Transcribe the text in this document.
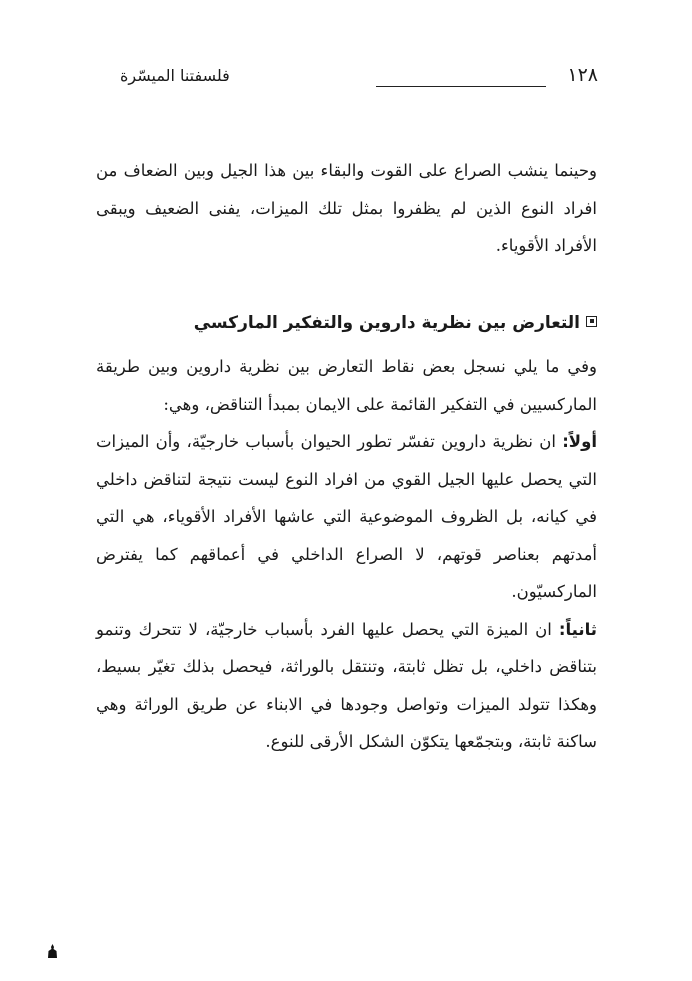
١٢٨
فلسفتنا الميسّرة

وحينما ينشب الصراع على القوت والبقاء بين هذا الجيل وبين الضعاف من افراد النوع الذين لم يظفروا بمثل تلك الميزات، يفنى الضعيف ويبقى الأفراد الأقوياء.

التعارض بين نظرية داروين والتفكير الماركسي

وفي ما يلي نسجل بعض نقاط التعارض بين نظرية داروين وبين طريقة الماركسيين في التفكير القائمة على الايمان بمبدأ التناقض، وهي:

أولاً: ان نظرية داروين تفسّر تطور الحيوان بأسباب خارجيّة، وأن الميزات التي يحصل عليها الجيل القوي من افراد النوع ليست نتيجة لتناقض داخلي في كيانه، بل الظروف الموضوعية التي عاشها الأفراد الأقوياء، هي التي أمدتهم بعناصر قوتهم، لا الصراع الداخلي في أعماقهم كما يفترض الماركسيّون.

ثانياً: ان الميزة التي يحصل عليها الفرد بأسباب خارجيّة، لا تتحرك وتنمو بتناقض داخلي، بل تظل ثابتة، وتنتقل بالوراثة، فيحصل بذلك تغيّر بسيط، وهكذا تتولد الميزات وتواصل وجودها في الابناء عن طريق الوراثة وهي ساكنة ثابتة، وبتجمّعها يتكوّن الشكل الأرقى للنوع.
